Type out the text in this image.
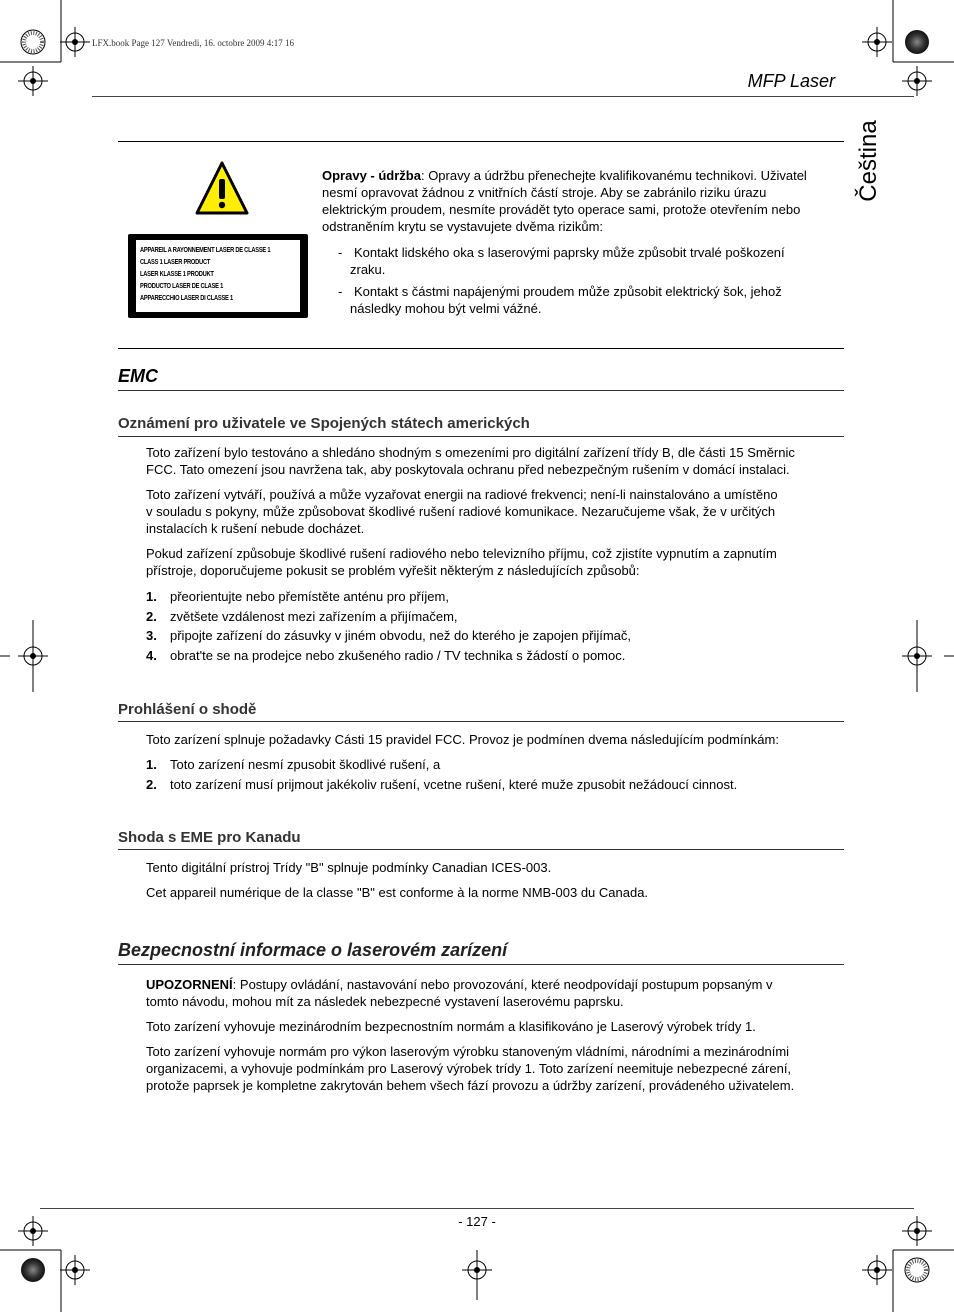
LFX.book Page 127 Vendredi, 16. octobre 2009 4:17 16
MFP Laser
Čeština
APPAREIL A RAYONNEMENT LASER DE CLASSE 1
CLASS 1 LASER PRODUCT
LASER KLASSE 1 PRODUKT
PRODUCTO LASER DE CLASE 1
APPARECCHIO LASER DI CLASSE 1
Opravy - údržba: Opravy a údržbu přenechejte kvalifikovanému technikovi. Uživatel
nesmí opravovat žádnou z vnitřních částí stroje. Aby se zabránilo riziku úrazu
elektrickým proudem, nesmíte provádět tyto operace sami, protože otevřením nebo
odstraněním krytu se vystavujete dvěma rizikům:
- Kontakt lidského oka s laserovými paprsky může způsobit trvalé poškození
zraku.
- Kontakt s částmi napájenými proudem může způsobit elektrický šok, jehož
následky mohou být velmi vážné.
EMC
Oznámení pro uživatele ve Spojených státech amerických
Toto zařízení bylo testováno a shledáno shodným s omezeními pro digitální zařízení třídy B, dle části 15 Směrnic
FCC. Tato omezení jsou navržena tak, aby poskytovala ochranu před nebezpečným rušením v domácí instalaci.
Toto zařízení vytváří, používá a může vyzařovat energii na radiové frekvenci; není-li nainstalováno a umístěno
v souladu s pokyny, může způsobovat škodlivé rušení radiové komunikace. Nezaručujeme však, že v určitých
instalacích k rušení nebude docházet.
Pokud zařízení způsobuje škodlivé rušení radiového nebo televizního příjmu, což zjistíte vypnutím a zapnutím
přístroje, doporučujeme pokusit se problém vyřešit některým z následujících způsobů:
1. přeorientujte nebo přemístěte anténu pro příjem,
2. zvětšete vzdálenost mezi zařízením a přijímačem,
3. připojte zařízení do zásuvky v jiném obvodu, než do kterého je zapojen přijímač,
4. obrat'te se na prodejce nebo zkušeného radio / TV technika s žádostí o pomoc.
Prohlášení o shodě
Toto zarízení splnuje požadavky Cásti 15 pravidel FCC. Provoz je podmínen dvema následujícím podmínkám:
1. Toto zarízení nesmí zpusobit škodlivé rušení, a
2. toto zarízení musí prijmout jakékoliv rušení, vcetne rušení, které muže zpusobit nežádoucí cinnost.
Shoda s EME pro Kanadu
Tento digitální prístroj Trídy "B" splnuje podmínky Canadian ICES-003.
Cet appareil numérique de la classe "B" est conforme à la norme NMB-003 du Canada.
Bezpecnostní informace o laserovém zarízení
UPOZORNENÍ: Postupy ovládání, nastavování nebo provozování, které neodpovídají postupum popsaným v
tomto návodu, mohou mít za následek nebezpecné vystavení laserovému paprsku.
Toto zarízení vyhovuje mezinárodním bezpecnostním normám a klasifikováno je Laserový výrobek trídy 1.
Toto zarízení vyhovuje normám pro výkon laserovým výrobku stanoveným vládními, národními a mezinárodními
organizacemi, a vyhovuje podmínkám pro Laserový výrobek trídy 1. Toto zarízení neemituje nebezpecné zárení,
protože paprsek je kompletne zakrytován behem všech fází provozu a údržby zarízení, provádeného uživatelem.
- 127 -
